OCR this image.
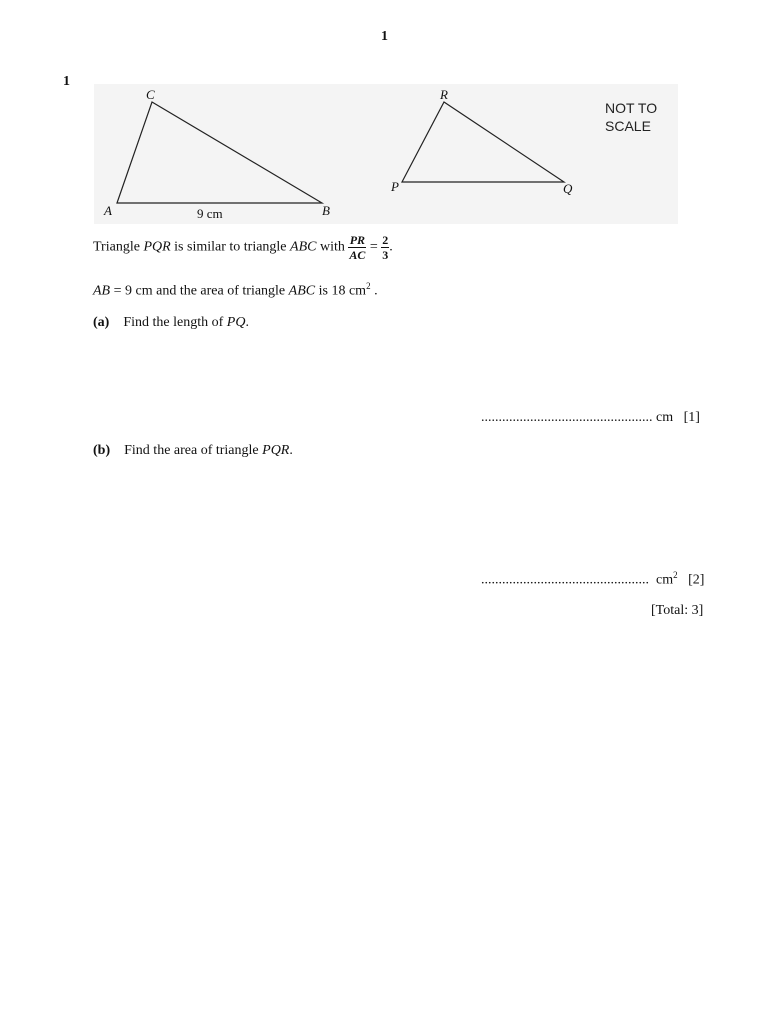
1
1
A
C
B
9 cm
R
P	Q
NOT TO
SCALE
Triangle PQR is similar to triangle ABC with $\frac{PR}{AC} = \frac{2}{3}$ .
AB = 9 cm and the area of triangle ABC is 18 $cm^2$ .
(a) Find the length of PQ.
................................................. cm [1]
(b) Find the area of triangle PQR.
................................................ $cm^2$ [2]
[Total: 3]
